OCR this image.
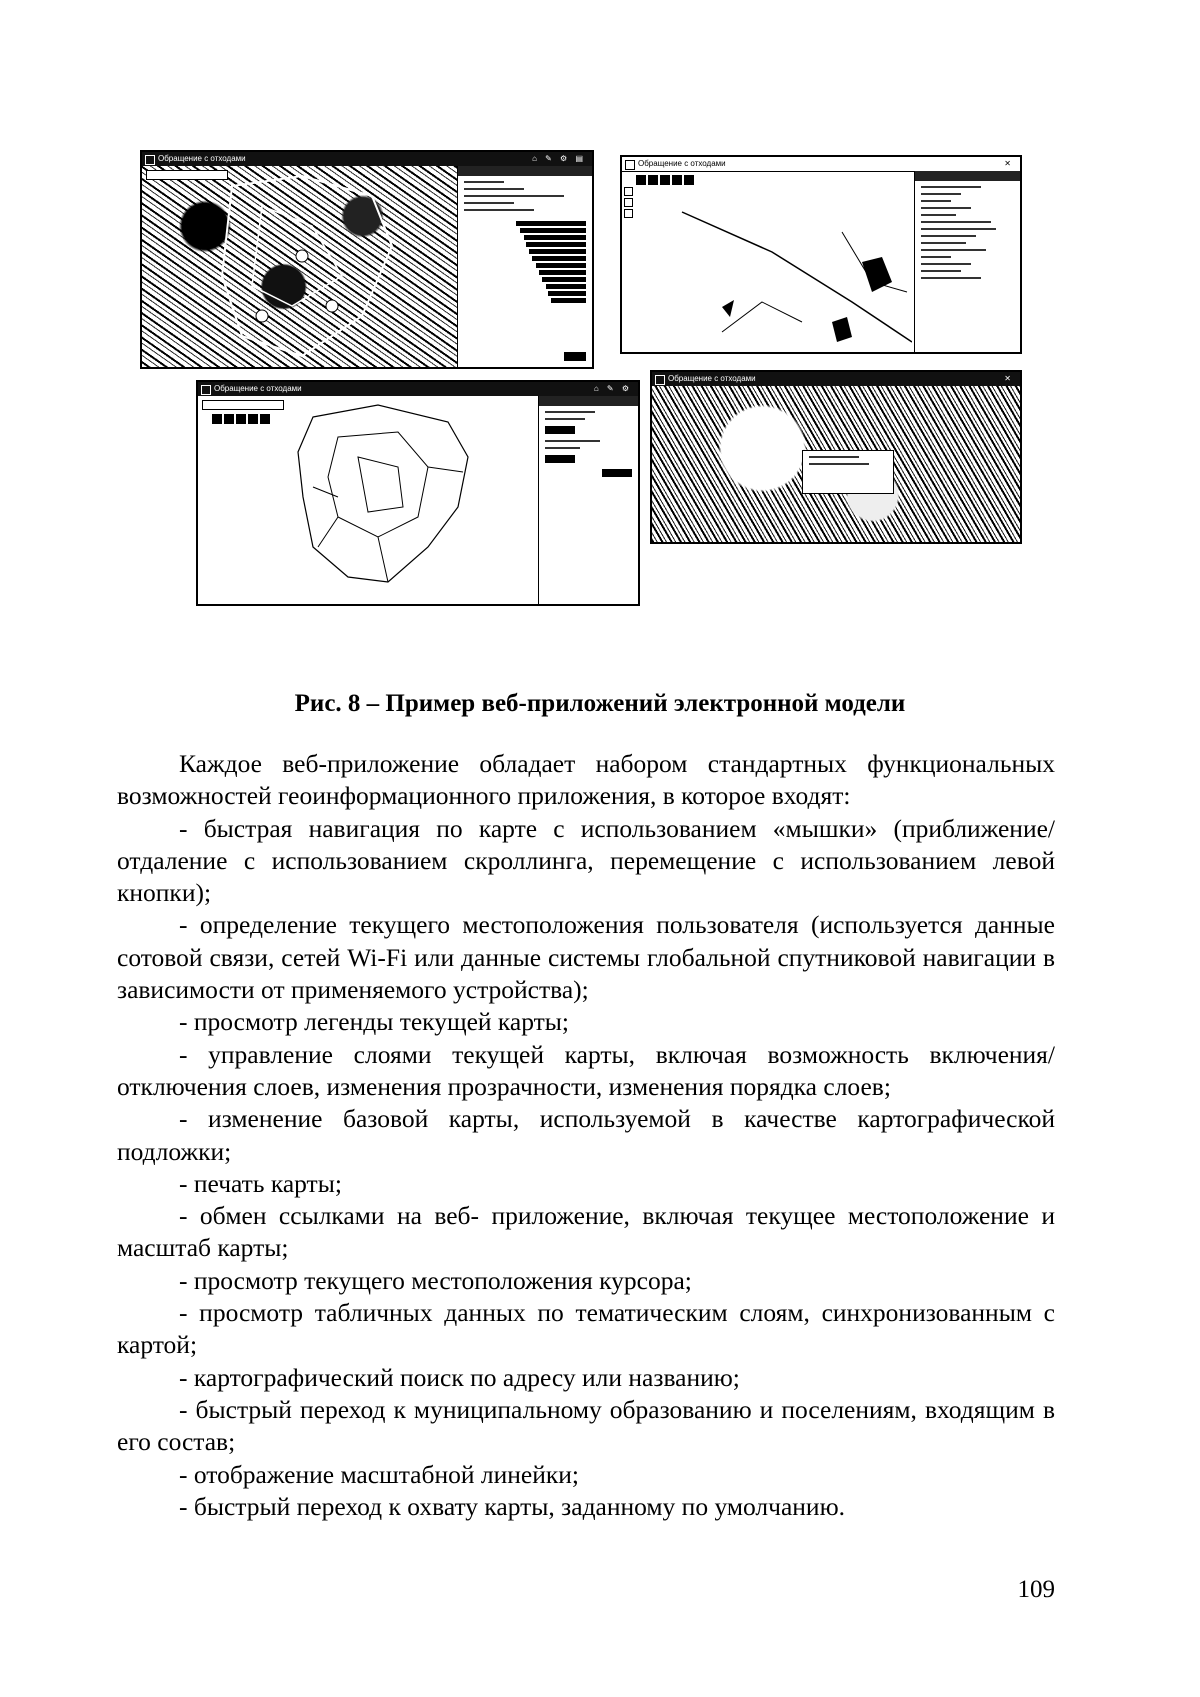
Обращение с отходами	⌂ ✎ ⚙ ▤
Обращение с отходами	✕
Обращение с отходами	⌂ ✎ ⚙
Обращение с отходами	✕
Рис. 8 – Пример веб-приложений электронной модели

Каждое веб-приложение обладает набором стандартных функциональных возможностей геоинформационного приложения, в которое входят:

- быстрая навигация по карте с использованием «мышки» (приближение/отдаление с использованием скроллинга, перемещение с использованием левой кнопки);

- определение текущего местоположения пользователя (используется данные сотовой связи, сетей Wi-Fi или данные системы глобальной спутниковой навигации в зависимости от применяемого устройства);

- просмотр легенды текущей карты;

- управление слоями текущей карты, включая возможность включения/отключения слоев, изменения прозрачности, изменения порядка слоев;

- изменение базовой карты, используемой в качестве картографической подложки;

- печать карты;

- обмен ссылками на веб- приложение, включая текущее местоположение и масштаб карты;

- просмотр текущего местоположения курсора;

- просмотр табличных данных по тематическим слоям, синхронизованным с картой;

- картографический поиск по адресу или названию;

- быстрый переход к муниципальному образованию и поселениям, входящим в его состав;

- отображение масштабной линейки;

- быстрый переход к охвату карты, заданному по умолчанию.

109
